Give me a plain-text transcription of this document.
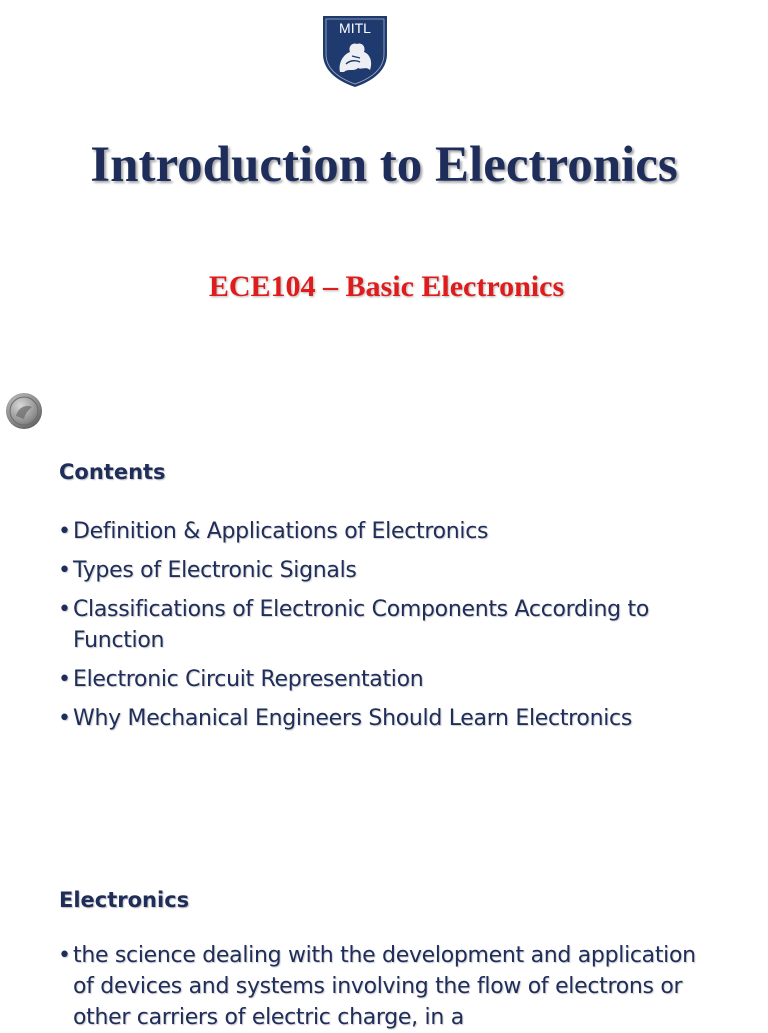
MITL
Introduction to Electronics
ECE104 – Basic Electronics
Contents
• Definition & Applications of Electronics
• Types of Electronic Signals
• Classifications of Electronic Components According to Function
• Electronic Circuit Representation
• Why Mechanical Engineers Should Learn Electronics
Electronics
• the science dealing with the development and application of devices and systems involving the flow of electrons or other carriers of electric charge, in a
